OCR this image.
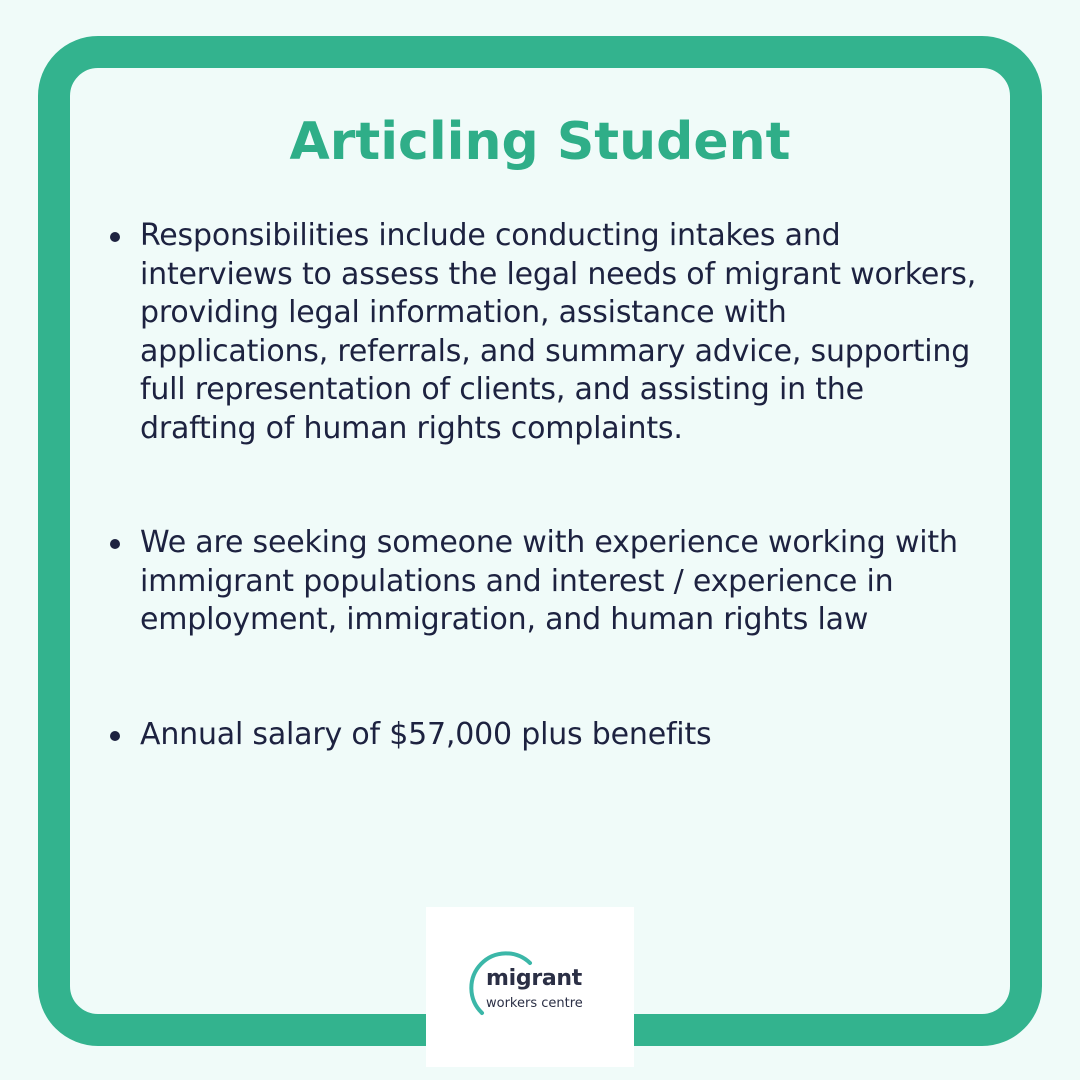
Articling Student
Responsibilities include conducting intakes and interviews to assess the legal needs of migrant workers, providing legal information, assistance with applications, referrals, and summary advice, supporting full representation of clients, and assisting in the drafting of human rights complaints.
We are seeking someone with experience working with immigrant populations and interest / experience in employment, immigration, and human rights law
Annual salary of $57,000 plus benefits
migrant
workers centre
